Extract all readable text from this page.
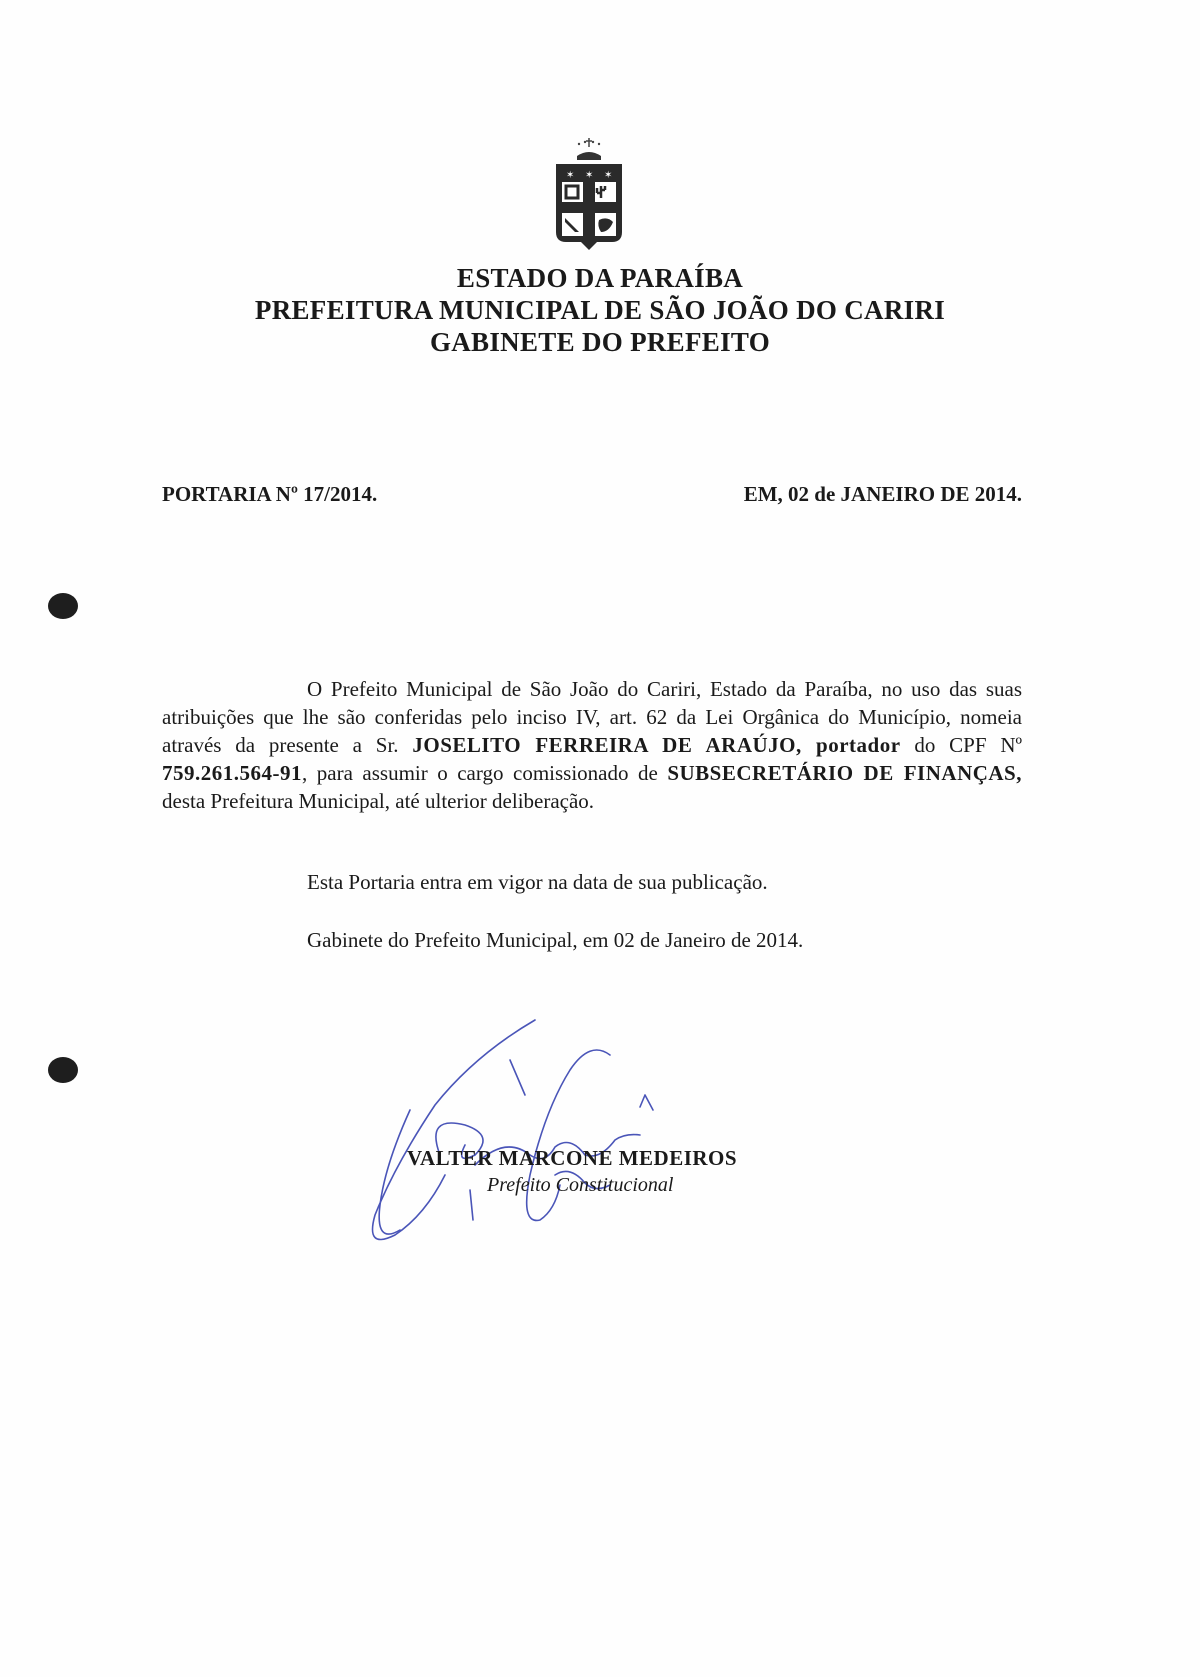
✶ ✶ ✶
ESTADO DA PARAÍBA
PREFEITURA MUNICIPAL DE SÃO JOÃO DO CARIRI
GABINETE DO PREFEITO
PORTARIA Nº 17/2014.	EM, 02 de JANEIRO DE 2014.

O Prefeito Municipal de São João do Cariri, Estado da Paraíba, no uso das suas atribuições que lhe são conferidas pelo inciso IV, art. 62 da Lei Orgânica do Município, nomeia através da presente a Sr. JOSELITO FERREIRA DE ARAÚJO, portador do CPF Nº 759.261.564-91, para assumir o cargo comissionado de SUBSECRETÁRIO DE FINANÇAS, desta Prefeitura Municipal, até ulterior deliberação.

Esta Portaria entra em vigor na data de sua publicação.
Gabinete do Prefeito Municipal, em 02 de Janeiro de 2014.
VALTER MARCONE MEDEIROS
Prefeito Constitucional
